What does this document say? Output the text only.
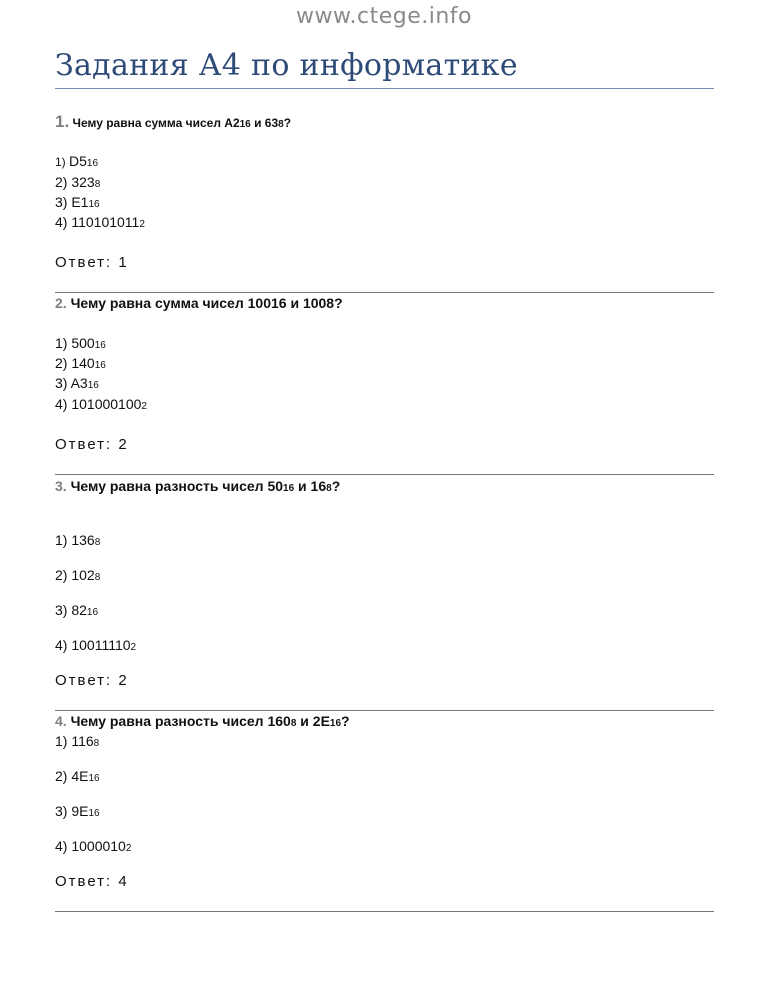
www.ctege.info
Задания А4 по информатике
1. Чему равна сумма чисел A216 и 638?
1) D516
2) 3238
3) E116
4) 1101010112
Ответ: 1
2. Чему равна сумма чисел 10016 и 1008?
1) 50016
2) 14016
3) A316
4) 1010001002
Ответ: 2
3. Чему равна разность чисел 5016 и 168?
1) 1368
2) 1028
3) 8216
4) 100111102
Ответ: 2
4. Чему равна разность чисел 1608 и 2E16?
1) 1168
2) 4E16
3) 9E16
4) 10000102
Ответ: 4
